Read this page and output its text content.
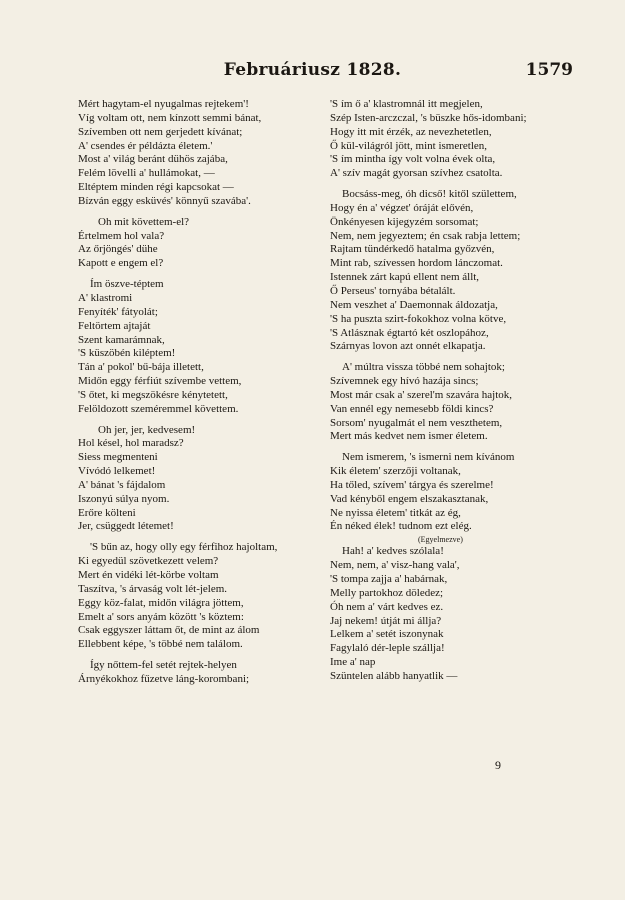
Februáriusz 1828.	1579
Mért hagytam-el nyugalmas rejtekem'!
Víg voltam ott, nem kínzott semmi bánat,
Szívemben ott nem gerjedett kívánat;
A' csendes ér példázta életem.'
Most a' világ beránt dühös zajába,
Felém lövelli a' hullámokat, —
Eltéptem minden régi kapcsokat —
Bízván eggy esküvés' könnyű szavába'.
Oh mit követtem-el?
Értelmem hol vala?
Az őrjöngés' dühe
Kapott e engem el?
Ím öszve-téptem
A' klastromi
Fenyíték' fátyolát;
Feltörtem ajtaját
Szent kamarámnak,
'S küszöbén kiléptem!
Tán a' pokol' bű-bája illetett,
Midőn eggy férfiút szívembe vettem,
'S őtet, ki megszökésre kénytetett,
Felöldozott szeméremmel követtem.
Oh jer, jer, kedvesem!
Hol késel, hol maradsz?
Siess megmenteni
Vívódó lelkemet!
A' bánat 's fájdalom
Iszonyú súlya nyom.
Erőre költeni
Jer, csüggedt létemet!
'S bűn az, hogy olly egy férfihoz hajoltam,
Ki egyedül szövetkezett velem?
Mert én vidéki lét-körbe voltam
Taszítva, 's árvaság volt lét-jelem.
Eggy köz-falat, midőn világra jöttem,
Emelt a' sors anyám között 's köztem:
Csak eggyszer láttam őt, de mint az álom
Ellebbent képe, 's többé nem találom.
Így nőttem-fel setét rejtek-helyen
Árnyékokhoz fűzetve láng-korombani;
'S ím ő a' klastromnál itt megjelen,
Szép Isten-arczczal, 's büszke hős-idombani;
Hogy itt mit érzék, az nevezhetetlen,
Ő kül-világról jött, mint ismeretlen,
'S ím mintha így volt volna évek olta,
A' szív magát gyorsan szívhez csatolta.
Bocsáss-meg, óh dicső! kitől születtem,
Hogy én a' végzet' óráját elővén,
Önkényesen kijegyzém sorsomat;
Nem, nem jegyeztem; én csak rabja lettem;
Rajtam tündérkedő hatalma győzvén,
Mint rab, szívessen hordom lánczomat.
Istennek zárt kapú ellent nem állt,
Ő Perseus' tornyába bétalált.
Nem veszhet a' Daemonnak áldozatja,
'S ha puszta szirt-fokokhoz volna kötve,
'S Atlásznak égtartó két oszlopához,
Szárnyas lovon azt onnét elkapatja.
A' múltra vissza többé nem sohajtok;
Szívemnek egy hívó hazája sincs;
Most már csak a' szerel'm szavára hajtok,
Van ennél egy nemesebb földi kincs?
Sorsom' nyugalmát el nem veszthetem,
Mert más kedvet nem ismer életem.
Nem ismerem, 's ismerni nem kívánom
Kik életem' szerzőji voltanak,
Ha tőled, szívem' tárgya és szerelme!
Vad kényből engem elszakasztanak,
Ne nyissa életem' titkát az ég,
Én néked élek! tudnom ezt elég.
(Egyelmezve)
Hah! a' kedves szólala!
Nem, nem, a' visz-hang vala',
'S tompa zajja a' habárnak,
Melly partokhoz döledez;
Óh nem a' várt kedves ez.
Jaj nekem! útját mi állja?
Lelkem a' setét iszonynak
Fagylaló dér-leple szállja!
Ime a' nap
Szüntelen alább hanyatlik —
9
